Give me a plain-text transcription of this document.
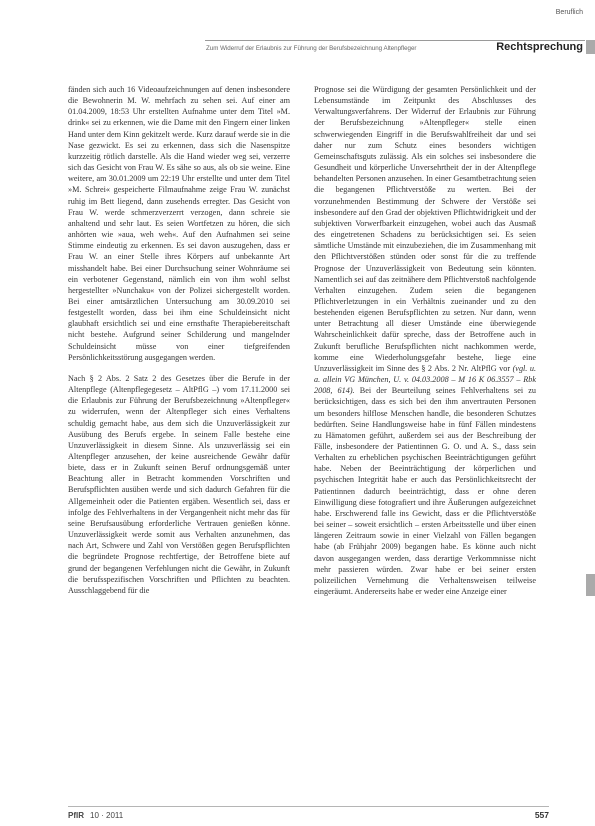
Beruflich
Zum Widerruf der Erlaubnis zur Führung der Berufsbezeichnung Altenpfleger	Rechtsprechung

fänden sich auch 16 Videoaufzeichnungen auf denen insbesondere die Bewohnerin M. W. mehrfach zu sehen sei. Auf einer am 01.04.2009, 18:53 Uhr erstellten Aufnahme unter dem Titel »M. drink« sei zu erkennen, wie die Dame mit den Fingern einer linken Hand unter dem Kinn gekitzelt werde. Kurz darauf werde sie in die Nase gezwickt. Es sei zu erkennen, dass sich die Nasenspitze kurzzeitig rötlich darstelle. Als die Hand wieder weg sei, verzerre sich das Gesicht von Frau W. Es sähe so aus, als ob sie weine. Eine weitere, am 30.01.2009 um 22:19 Uhr erstellte und unter dem Titel »M. Schrei« gespeicherte Filmaufnahme zeige Frau W. zunächst ruhig im Bett liegend, dann zusehends erregter. Das Gesicht von Frau W. werde schmerzverzerrt verzogen, dann schreie sie anhaltend und sehr laut. Es seien Wortfetzen zu hören, die sich anhörten wie »aua, weh weh«. Auf den Aufnahmen sei seine Stimme eindeutig zu erkennen. Es sei davon auszugehen, dass er Frau W. an einer Stelle ihres Körpers auf unbekannte Art misshandelt habe. Bei einer Durchsuchung seiner Wohnräume sei ein verbotener Gegenstand, nämlich ein von ihm wohl selbst hergestellter »Nunchaku« von der Polizei sichergestellt worden. Bei einer amtsärztlichen Untersuchung am 30.09.2010 sei festgestellt worden, dass bei ihm eine Schuldeinsicht nicht glaubhaft ersichtlich sei und eine ernsthafte Therapiebereitschaft nicht bestehe. Aufgrund seiner Schilderung und mangelnder Schuldeinsicht müsse von einer tiefgreifenden Persönlichkeitsstörung ausgegangen werden.

Nach § 2 Abs. 2 Satz 2 des Gesetzes über die Berufe in der Altenpflege (Altenpflegegesetz – AltPflG –) vom 17.11.2000 sei die Erlaubnis zur Führung der Berufsbezeichnung »Altenpfleger« zu widerrufen, wenn der Altenpfleger sich eines Verhaltens schuldig gemacht habe, aus dem sich die Unzuverlässigkeit zur Ausübung des Berufs ergebe. In seinem Falle bestehe eine Unzuverlässigkeit in diesem Sinne. Als unzuverlässig sei ein Altenpfleger anzusehen, der keine ausreichende Gewähr dafür biete, dass er in Zukunft seinen Beruf ordnungsgemäß unter Beachtung aller in Betracht kommenden Vorschriften und Berufspflichten ausüben werde und sich dadurch Gefahren für die Allgemeinheit oder die Patienten ergäben. Wesentlich sei, dass er infolge des Fehlverhaltens in der Vergangenheit nicht mehr das für seine Berufsausübung erforderliche Vertrauen genießen könne. Unzuverlässigkeit werde somit aus Verhalten anzunehmen, das nach Art, Schwere und Zahl von Verstößen gegen Berufspflichten die begründete Prognose rechtfertige, der Betroffene biete auf grund der begangenen Verfehlungen nicht die Gewähr, in Zukunft die berufsspezifischen Vorschriften und Pflichten zu beachten. Ausschlaggebend für die

Prognose sei die Würdigung der gesamten Persönlichkeit und der Lebensumstände im Zeitpunkt des Abschlusses des Verwaltungsverfahrens. Der Widerruf der Erlaubnis zur Führung der Berufsbezeichnung »Altenpfleger« stelle einen schwerwiegenden Eingriff in die Berufswahlfreiheit dar und sei daher nur zum Schutz eines besonders wichtigen Gemeinschaftsguts zulässig. Als ein solches sei insbesondere die Gesundheit und körperliche Unversehrtheit der in der Altenpflege behandelten Personen anzusehen. In einer Gesamtbetrachtung seien die begangenen Pflichtverstöße zu werten. Bei der vorzunehmenden Bestimmung der Schwere der Verstöße sei insbesondere auf den Grad der objektiven Pflichtwidrigkeit und der subjektiven Vorwerfbarkeit einzugehen, wobei auch das Ausmaß des eingetretenen Schadens zu berücksichtigen sei. Es seien sämtliche Umstände mit einzubeziehen, die im Zusammenhang mit den Pflichtverstößen stünden oder sonst für die zu treffende Prognose der Unzuverlässigkeit von Bedeutung sein könnten. Namentlich sei auf das zeitnähere dem Pflichtverstoß nachfolgende Verhalten einzugehen. Zudem seien die begangenen Pflichtverletzungen in ein Verhältnis zueinander und zu den bestehenden eigenen Berufspflichten zu setzen. Nur dann, wenn unter Betrachtung all dieser Umstände eine überwiegende Wahrscheinlichkeit dafür spreche, dass der Betroffene auch in Zukunft berufliche Berufspflichten nicht nachkommen werde, komme eine Wiederholungsgefahr bestehe, liege eine Unzuverlässigkeit im Sinne des § 2 Abs. 2 Nr. AltPflG vor (vgl. u. a. allein VG München, U. v. 04.03.2008 – M 16 K 06.3557 – Rbk 2008, 614). Bei der Beurteilung seines Fehlverhaltens sei zu berücksichtigen, dass es sich bei den ihm anvertrauten Personen um besonders hilflose Menschen handle, die besonderen Schutzes bedürften. Seine Handlungsweise habe in fünf Fällen mindestens zu Hämatomen geführt, außerdem sei aus der Beschreibung der Fälle, insbesondere der Patientinnen G. O. und A. S., dass sein Verhalten zu erheblichen psychischen Beeinträchtigungen geführt habe. Neben der Beeinträchtigung der körperlichen und psychischen Integrität habe er auch das Persönlichkeitsrecht der Patientinnen dadurch beeinträchtigt, dass er ohne deren Einwilligung diese fotografiert und ihre Äußerungen aufgezeichnet habe. Erschwerend falle ins Gewicht, dass er die Pflichtverstöße bei seiner – soweit ersichtlich – ersten Arbeitsstelle und über einen längeren Zeitraum sowie in einer Vielzahl von Fällen begangen habe (ab Frühjahr 2009) begangen habe. Es könne auch nicht davon ausgegangen werden, dass derartige Verkommnisse nicht mehr passieren würden. Zwar habe er bei seiner ersten polizeilichen Vernehmung die Verhaltensweisen teilweise eingeräumt. Andererseits habe er weder eine Anzeige einer

PflR 10 · 2011	557
